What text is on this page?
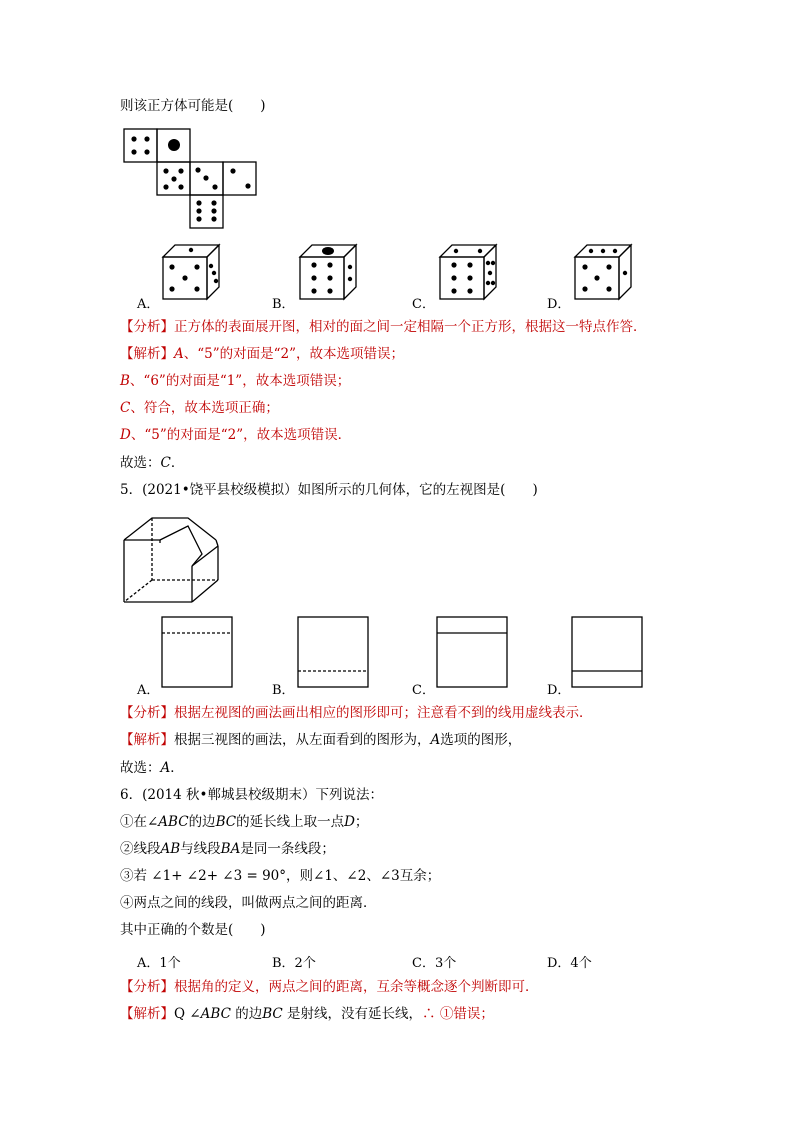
则该正方体可能是(　　)
A．	B．	C．	D．
【分析】正方体的表面展开图，相对的面之间一定相隔一个正方形，根据这一特点作答．
【解析】A、“5”的对面是“2”，故本选项错误；
B、“6”的对面是“1”，故本选项错误；
C、符合，故本选项正确；
D、“5”的对面是“2”，故本选项错误．
故选：C．
5．(2021•饶平县校级模拟）如图所示的几何体，它的左视图是(　　)
A．	B．	C．	D．
【分析】根据左视图的画法画出相应的图形即可；注意看不到的线用虚线表示．
【解析】根据三视图的画法，从左面看到的图形为，A选项的图形，
故选：A．
6．(2014 秋•郸城县校级期末）下列说法：
①在∠ABC的边BC的延长线上取一点D；
②线段AB与线段BA是同一条线段；
③若 ∠1+ ∠2+ ∠3 = 90°，则∠1、∠2、∠3互余；
④两点之间的线段，叫做两点之间的距离．
其中正确的个数是(　　)
A．1个	B．2个	C．3个	D．4个
【分析】根据角的定义，两点之间的距离，互余等概念逐个判断即可．
【解析】Q ∠ABC 的边BC 是射线，没有延长线，∴ ①错误；
